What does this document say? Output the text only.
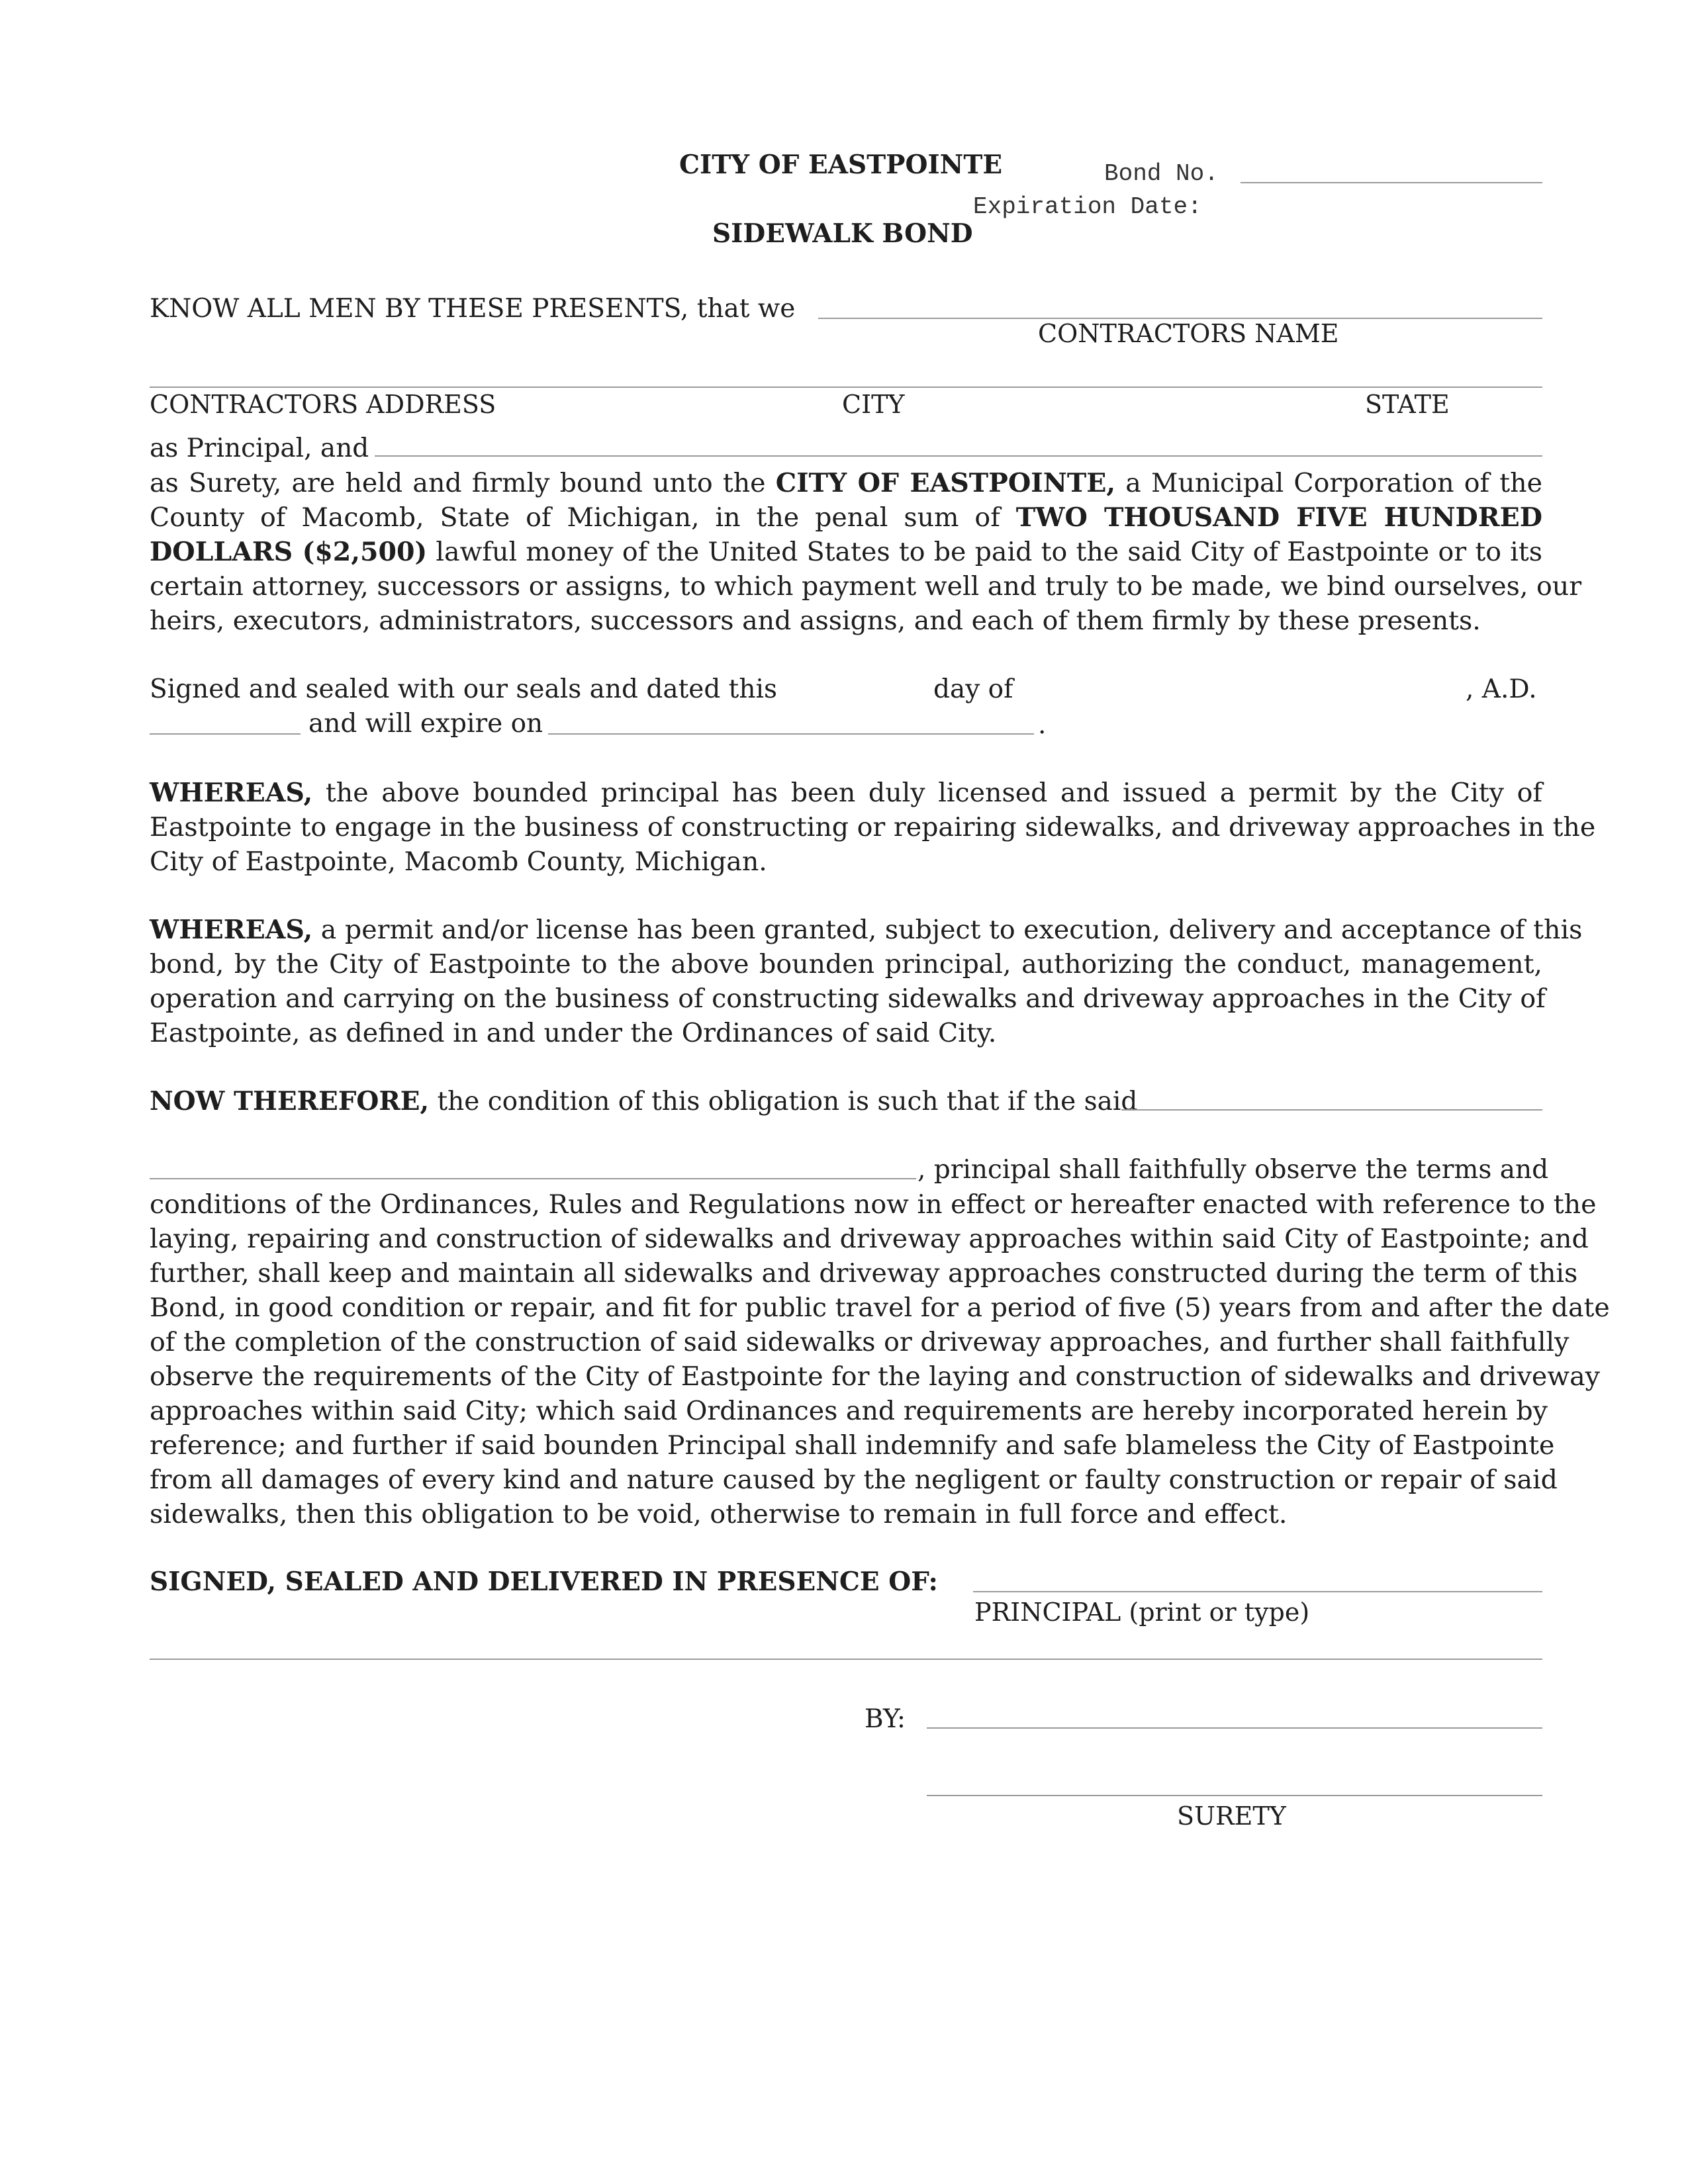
CITY OF EASTPOINTE	Bond No.
Expiration Date:
SIDEWALK BOND
KNOW ALL MEN BY THESE PRESENTS, that we
CONTRACTORS NAME
CONTRACTORS ADDRESS	CITY	STATE
as Principal, and
as Surety, are held and firmly bound unto the CITY OF EASTPOINTE, a Municipal Corporation of the
County of Macomb, State of Michigan, in the penal sum of TWO THOUSAND FIVE HUNDRED
DOLLARS ($2,500) lawful money of the United States to be paid to the said City of Eastpointe or to its
certain attorney, successors or assigns, to which payment well and truly to be made, we bind ourselves, our
heirs, executors, administrators, successors and assigns, and each of them firmly by these presents.
Signed and sealed with our seals and dated this	day of	, A.D.
and will expire on	.
WHEREAS, the above bounded principal has been duly licensed and issued a permit by the City of
Eastpointe to engage in the business of constructing or repairing sidewalks, and driveway approaches in the
City of Eastpointe, Macomb County, Michigan.
WHEREAS, a permit and/or license has been granted, subject to execution, delivery and acceptance of this
bond, by the City of Eastpointe to the above bounden principal, authorizing the conduct, management,
operation and carrying on the business of constructing sidewalks and driveway approaches in the City of
Eastpointe, as defined in and under the Ordinances of said City.
NOW THEREFORE, the condition of this obligation is such that if the said
, principal shall faithfully observe the terms and
conditions of the Ordinances, Rules and Regulations now in effect or hereafter enacted with reference to the
laying, repairing and construction of sidewalks and driveway approaches within said City of Eastpointe; and
further, shall keep and maintain all sidewalks and driveway approaches constructed during the term of this
Bond, in good condition or repair, and fit for public travel for a period of five (5) years from and after the date
of the completion of the construction of said sidewalks or driveway approaches, and further shall faithfully
observe the requirements of the City of Eastpointe for the laying and construction of sidewalks and driveway
approaches within said City; which said Ordinances and requirements are hereby incorporated herein by
reference; and further if said bounden Principal shall indemnify and safe blameless the City of Eastpointe
from all damages of every kind and nature caused by the negligent or faulty construction or repair of said
sidewalks, then this obligation to be void, otherwise to remain in full force and effect.
SIGNED, SEALED AND DELIVERED IN PRESENCE OF:
PRINCIPAL (print or type)
BY:
SURETY
